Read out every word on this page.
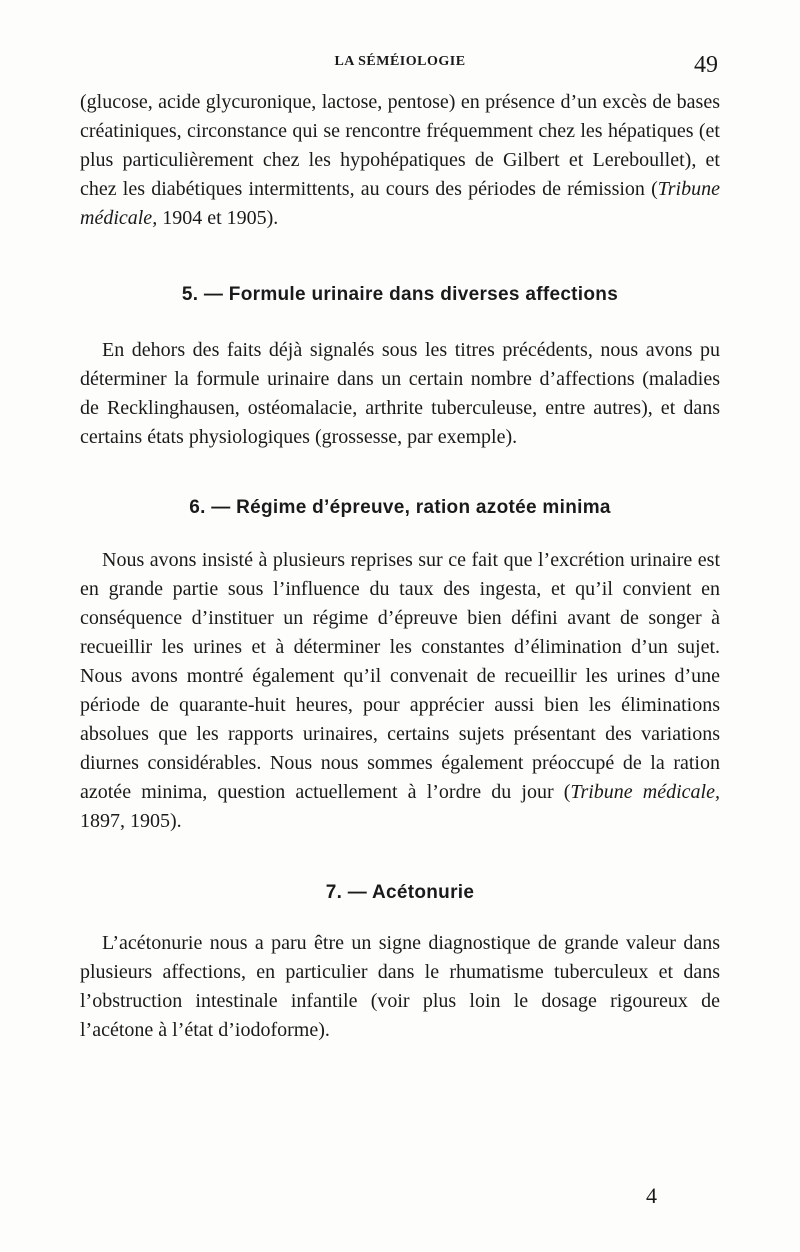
LA SÉMÉIOLOGIE	49

(glucose, acide glycuronique, lactose, pentose) en présence d’un excès de bases créatiniques, circonstance qui se rencontre fréquemment chez les hépatiques (et plus particulièrement chez les hypohépatiques de Gilbert et Lereboullet), et chez les diabétiques intermittents, au cours des périodes de rémission (Tribune médicale, 1904 et 1905).

5. — Formule urinaire dans diverses affections

En dehors des faits déjà signalés sous les titres précédents, nous avons pu déterminer la formule urinaire dans un certain nombre d’affections (maladies de Recklinghausen, ostéomalacie, arthrite tuberculeuse, entre autres), et dans certains états physiologiques (grossesse, par exemple).

6. — Régime d’épreuve, ration azotée minima

Nous avons insisté à plusieurs reprises sur ce fait que l’excrétion urinaire est en grande partie sous l’influence du taux des ingesta, et qu’il convient en conséquence d’instituer un régime d’épreuve bien défini avant de songer à recueillir les urines et à déterminer les constantes d’élimination d’un sujet. Nous avons montré également qu’il convenait de recueillir les urines d’une période de quarante-huit heures, pour apprécier aussi bien les éliminations absolues que les rapports urinaires, certains sujets présentant des variations diurnes considérables. Nous nous sommes également préoccupé de la ration azotée minima, question actuellement à l’ordre du jour (Tribune médicale, 1897, 1905).

7. — Acétonurie

L’acétonurie nous a paru être un signe diagnostique de grande valeur dans plusieurs affections, en particulier dans le rhumatisme tuberculeux et dans l’obstruction intestinale infantile (voir plus loin le dosage rigoureux de l’acétone à l’état d’iodoforme).

4
